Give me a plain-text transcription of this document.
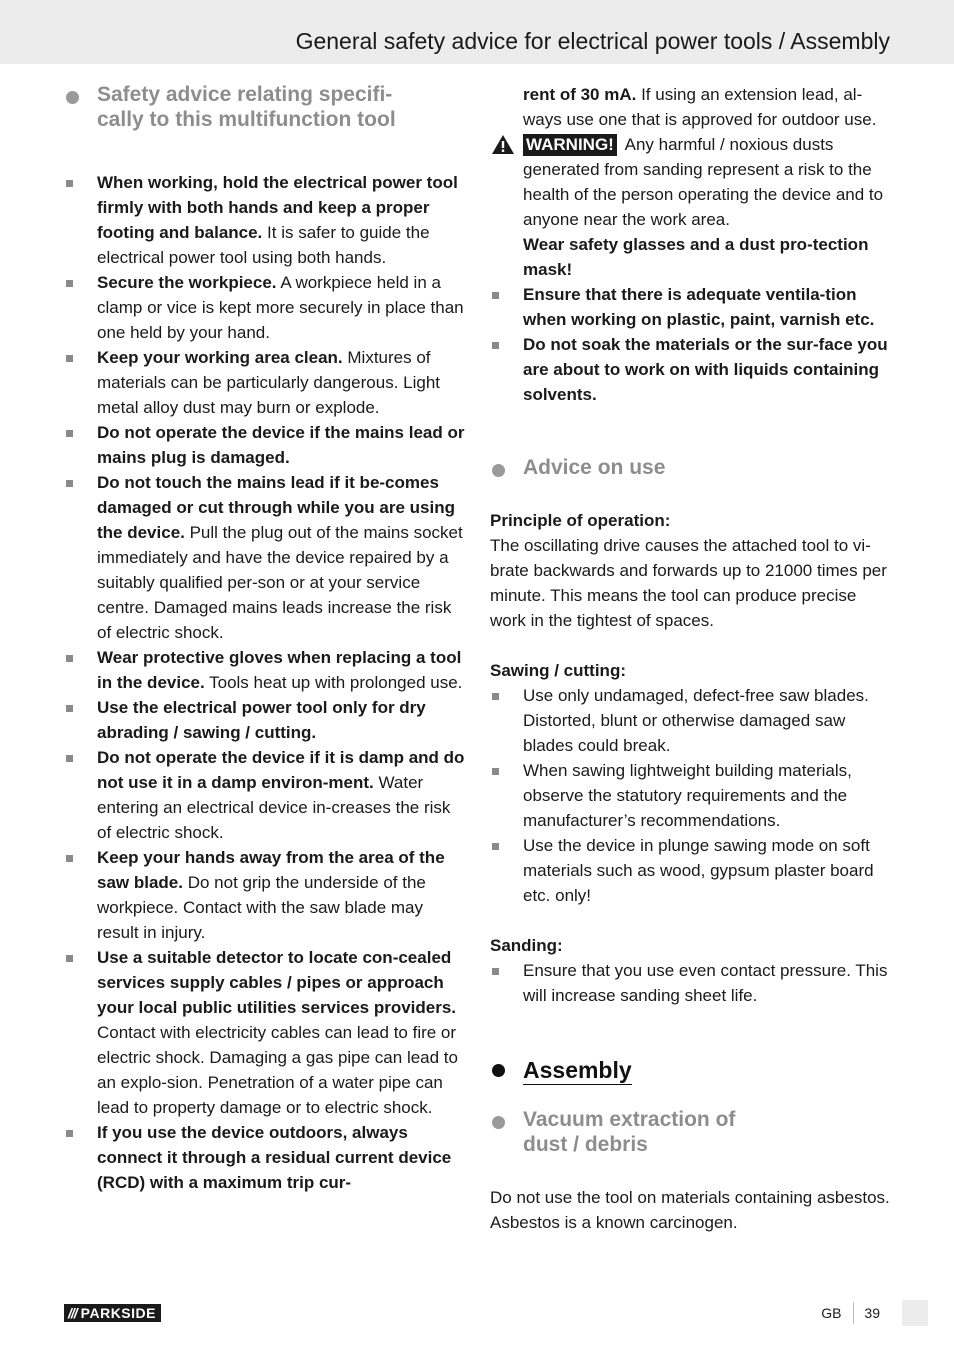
General safety advice for electrical power tools / Assembly
Safety advice relating specifi-
cally to this multifunction tool
When working, hold the electrical power tool firmly with both hands and keep a proper footing and balance. It is safer to guide the electrical power tool using both hands.
Secure the workpiece. A workpiece held in a clamp or vice is kept more securely in place than one held by your hand.
Keep your working area clean. Mixtures of materials can be particularly dangerous. Light metal alloy dust may burn or explode.
Do not operate the device if the mains lead or mains plug is damaged.
Do not touch the mains lead if it be-comes damaged or cut through while you are using the device. Pull the plug out of the mains socket immediately and have the device repaired by a suitably qualified per-son or at your service centre. Damaged mains leads increase the risk of electric shock.
Wear protective gloves when replacing a tool in the device. Tools heat up with prolonged use.
Use the electrical power tool only for dry abrading / sawing / cutting.
Do not operate the device if it is damp and do not use it in a damp environ-ment. Water entering an electrical device in-creases the risk of electric shock.
Keep your hands away from the area of the saw blade. Do not grip the underside of the workpiece. Contact with the saw blade may result in injury.
Use a suitable detector to locate con-cealed services supply cables / pipes or approach your local public utilities services providers. Contact with electricity cables can lead to fire or electric shock. Damaging a gas pipe can lead to an explo-sion. Penetration of a water pipe can lead to property damage or to electric shock.
If you use the device outdoors, always connect it through a residual current device (RCD) with a maximum trip cur-
rent of 30 mA. If using an extension lead, al-ways use one that is approved for outdoor use.
WARNING! Any harmful / noxious dusts generated from sanding represent a risk to the health of the person operating the device and to anyone near the work area.
Wear safety glasses and a dust pro-tection mask!
Ensure that there is adequate ventila-tion when working on plastic, paint, varnish etc.
Do not soak the materials or the sur-face you are about to work on with liquids containing solvents.
Advice on use
Principle of operation:
The oscillating drive causes the attached tool to vi-brate backwards and forwards up to 21000 times per minute. This means the tool can produce precise work in the tightest of spaces.
Sawing / cutting:
Use only undamaged, defect-free saw blades. Distorted, blunt or otherwise damaged saw blades could break.
When sawing lightweight building materials, observe the statutory requirements and the manufacturer’s recommendations.
Use the device in plunge sawing mode on soft materials such as wood, gypsum plaster board etc. only!
Sanding:
Ensure that you use even contact pressure. This will increase sanding sheet life.
Assembly
Vacuum extraction of
dust / debris
Do not use the tool on materials containing asbestos. Asbestos is a known carcinogen.
/// PARKSIDE	GB 39
